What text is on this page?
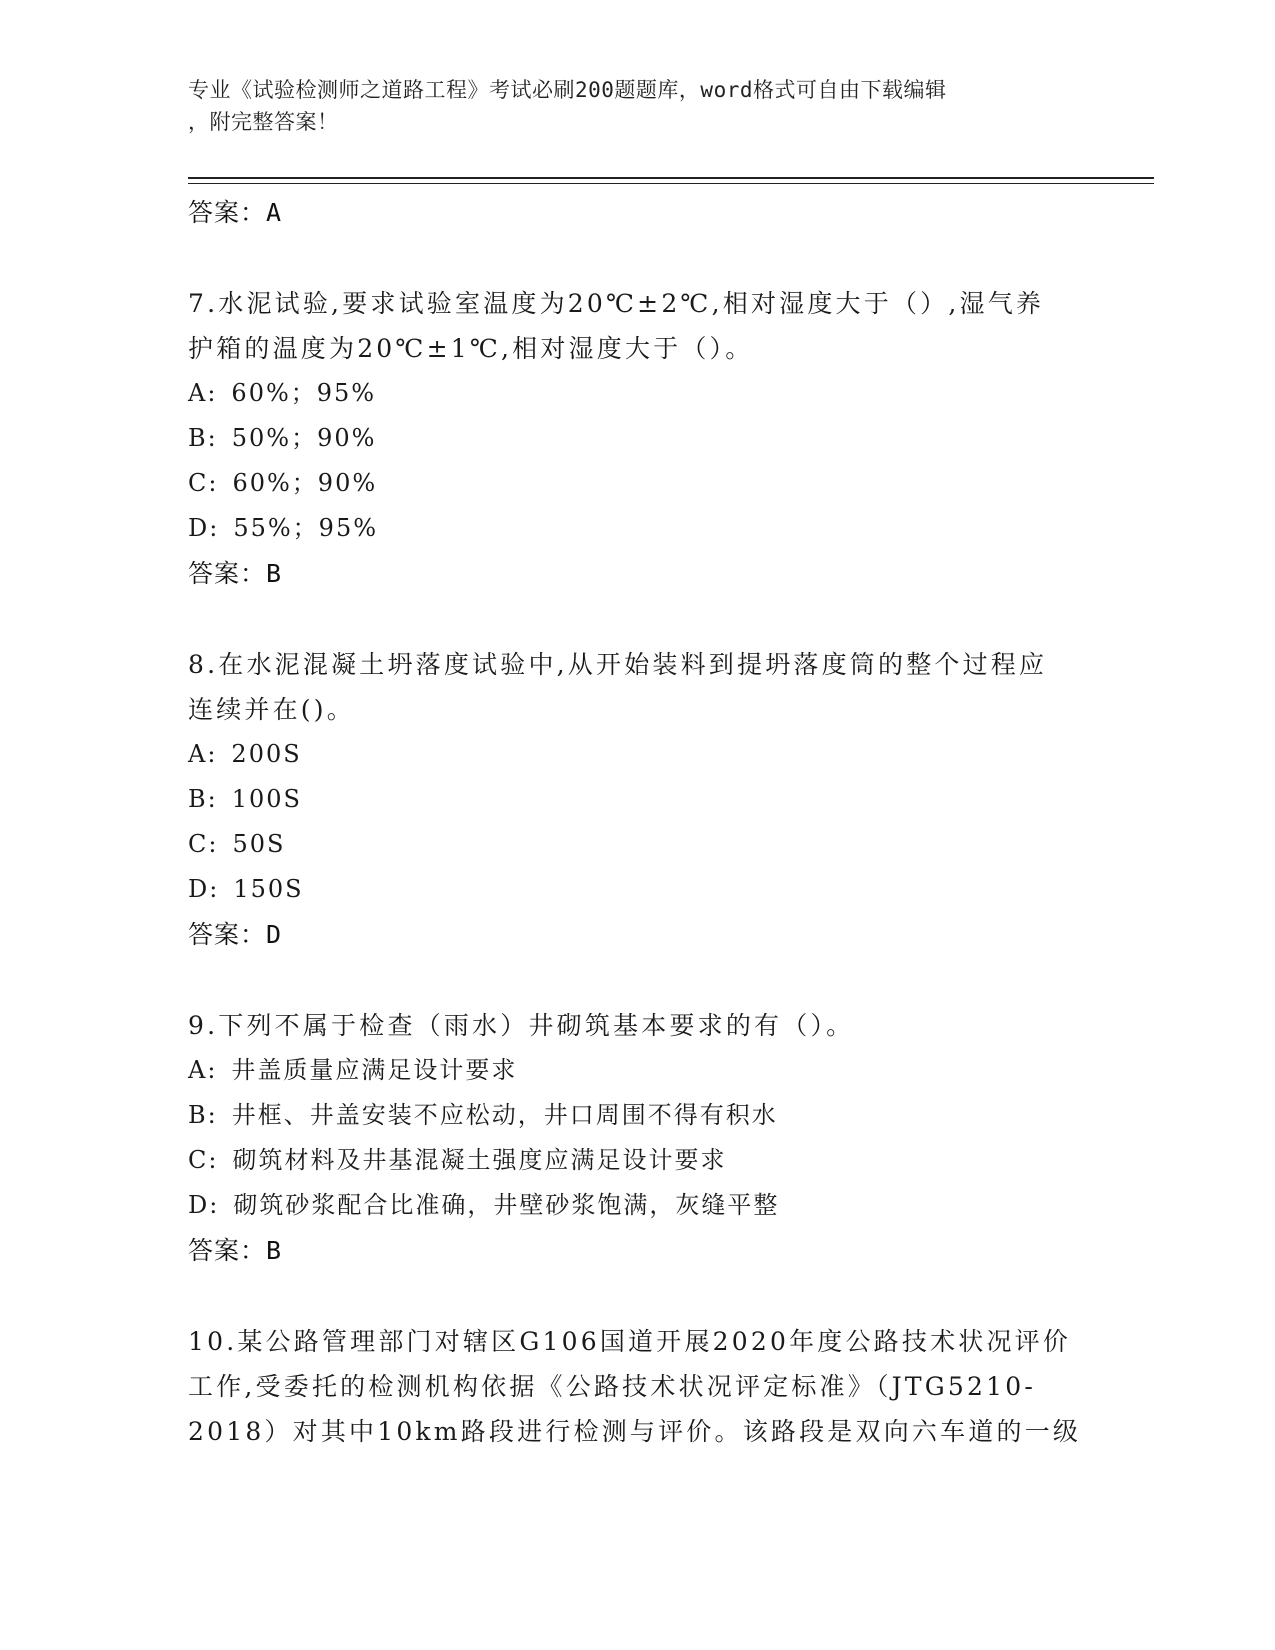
专业《试验检测师之道路工程》考试必刷200题题库，word格式可自由下载编辑
，附完整答案！
答案：A
7.水泥试验,要求试验室温度为20℃±2℃,相对湿度大于（）,湿气养
护箱的温度为20℃±1℃,相对湿度大于（）。
A: 60%；95%
B: 50%；90%
C: 60%；90%
D: 55%；95%
答案：B
8.在水泥混凝土坍落度试验中,从开始装料到提坍落度筒的整个过程应
连续并在()。
A: 200S
B: 100S
C: 50S
D: 150S
答案：D
9.下列不属于检查（雨水）井砌筑基本要求的有（）。
A: 井盖质量应满足设计要求
B: 井框、井盖安装不应松动，井口周围不得有积水
C: 砌筑材料及井基混凝土强度应满足设计要求
D: 砌筑砂浆配合比准确，井壁砂浆饱满，灰缝平整
答案：B
10.某公路管理部门对辖区G106国道开展2020年度公路技术状况评价
工作,受委托的检测机构依据《公路技术状况评定标准》（JTG5210-
2018）对其中10km路段进行检测与评价。该路段是双向六车道的一级
